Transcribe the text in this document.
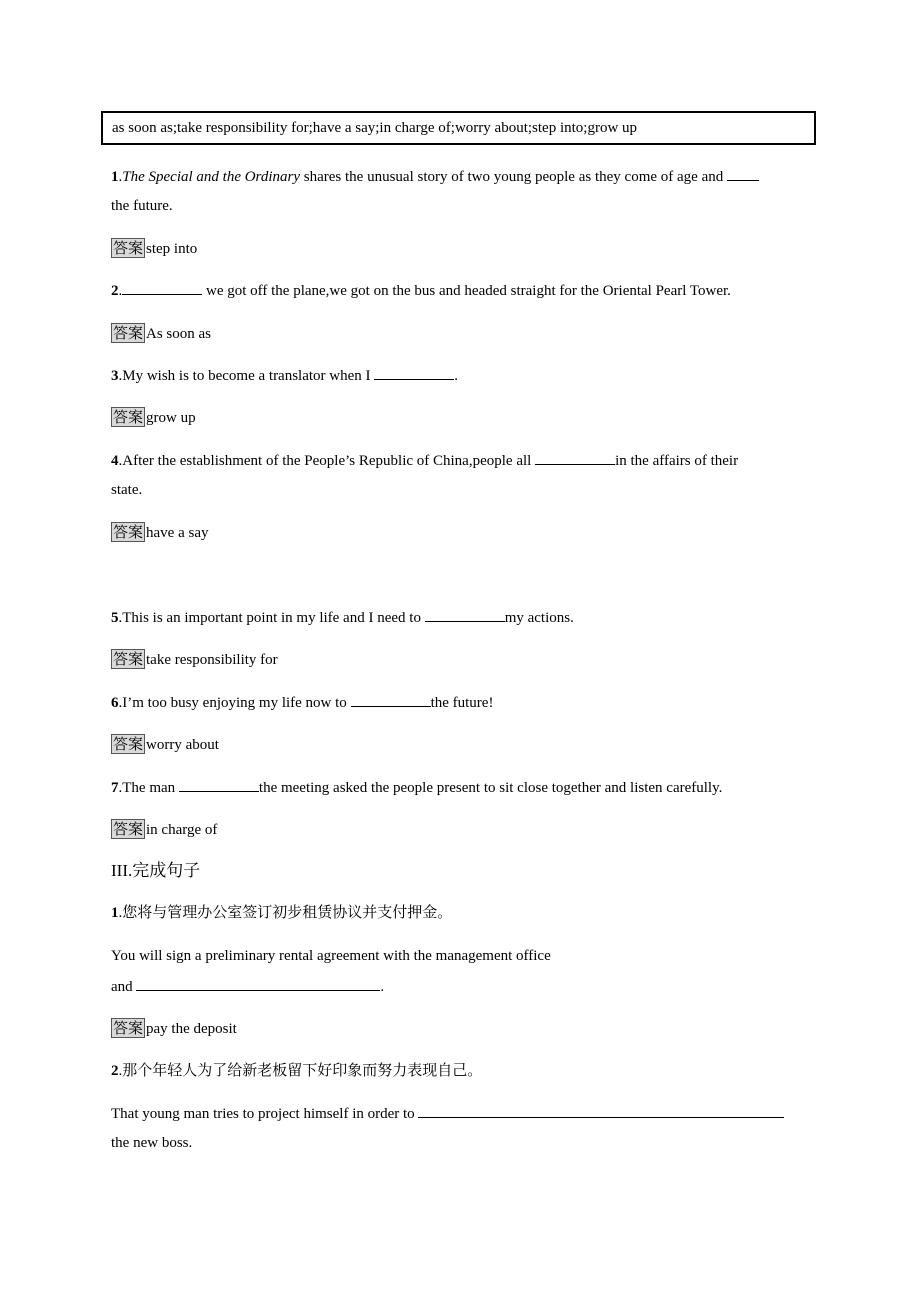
as soon as;take responsibility for;have a say;in charge of;worry about;step into;grow up
1.The Special and the Ordinary shares the unusual story of two young people as they come of age and
the future.
答案 step into
2.	we got off the plane,we got on the bus and headed straight for the Oriental Pearl Tower.
答案 As soon as
3.My wish is to become a translator when I	.
答案 grow up
4.After the establishment of the People’s Republic of China,people all	in the affairs of their
state.
答案 have a say
5.This is an important point in my life and I need to	my actions.
答案 take responsibility for
6.I’m too busy enjoying my life now to	the future!
答案 worry about
7.The man	the meeting asked the people present to sit close together and listen carefully.
答案 in charge of
III.完成句子
1.您将与管理办公室签订初步租赁协议并支付押金。
You will sign a preliminary rental agreement with the management office
and	.
答案 pay the deposit
2.那个年轻人为了给新老板留下好印象而努力表现自己。
That young man tries to project himself in order to
the new boss.
